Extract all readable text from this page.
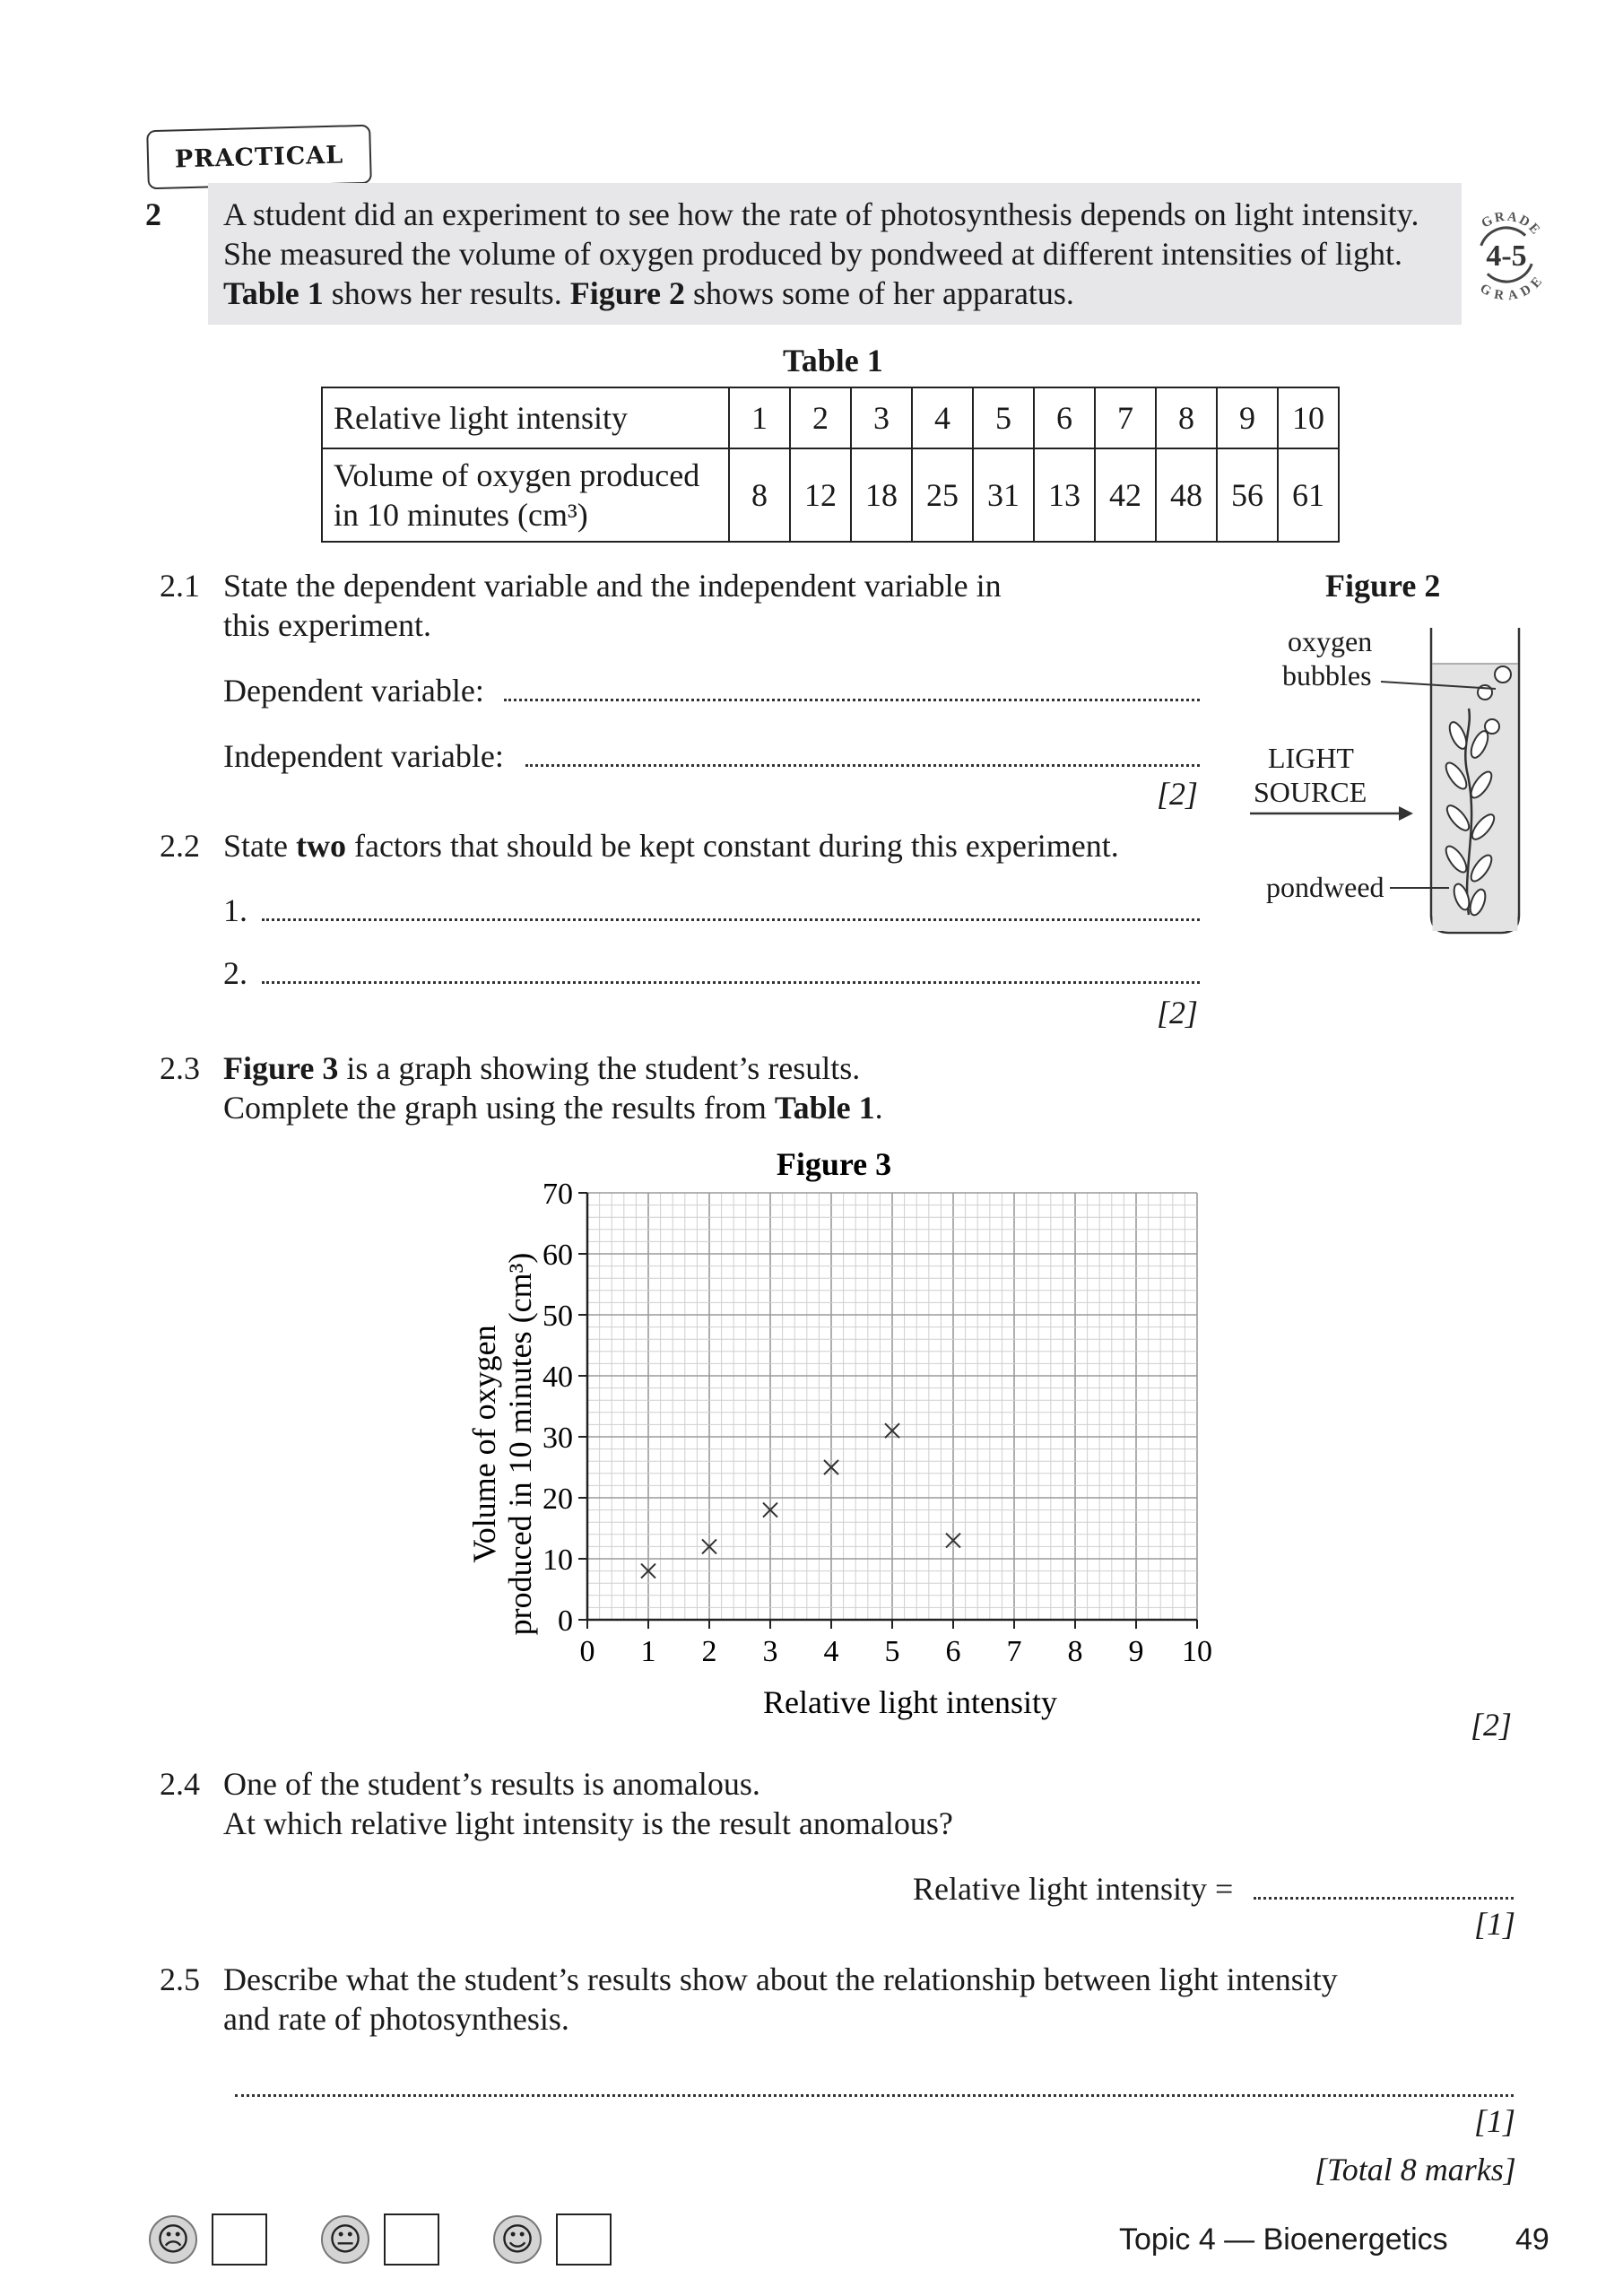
PRACTICAL
2 A student did an experiment to see how the rate of photosynthesis depends on light intensity.
She measured the volume of oxygen produced by pondweed at different intensities of light.
Table 1 shows her results. Figure 2 shows some of her apparatus.
GRADE
GRADE
4-5
Table 1
Relative light intensity	1	2	3	4	5	6	7	8	9	10

Volume of oxygen produced
in 10 minutes (cm³)	8	12	18	25	31	13	42	48	56	61
2.1 State the dependent variable and the independent variable in
this experiment.
Dependent variable:
Independent variable:
[2]
Figure 2
oxygen
bubbles
LIGHT
SOURCE
pondweed
2.2 State two factors that should be kept constant during this experiment.
1.
2.
[2]
2.3 Figure 3 is a graph showing the student’s results.
Complete the graph using the results from Table 1.
Figure 3
0 1 2 3 4 5 6 7 8 9 10
0
10
20
30
40
50
60
70
Relative light intensity
Volume of oxygen produced in 10 minutes (cm³)
[2]
2.4 One of the student’s results is anomalous.
At which relative light intensity is the result anomalous?
Relative light intensity =
[1]
2.5 Describe what the student’s results show about the relationship between light intensity
and rate of photosynthesis.
[1]
[Total 8 marks]
☹	😐	☺	Topic 4 — Bioenergetics 49
